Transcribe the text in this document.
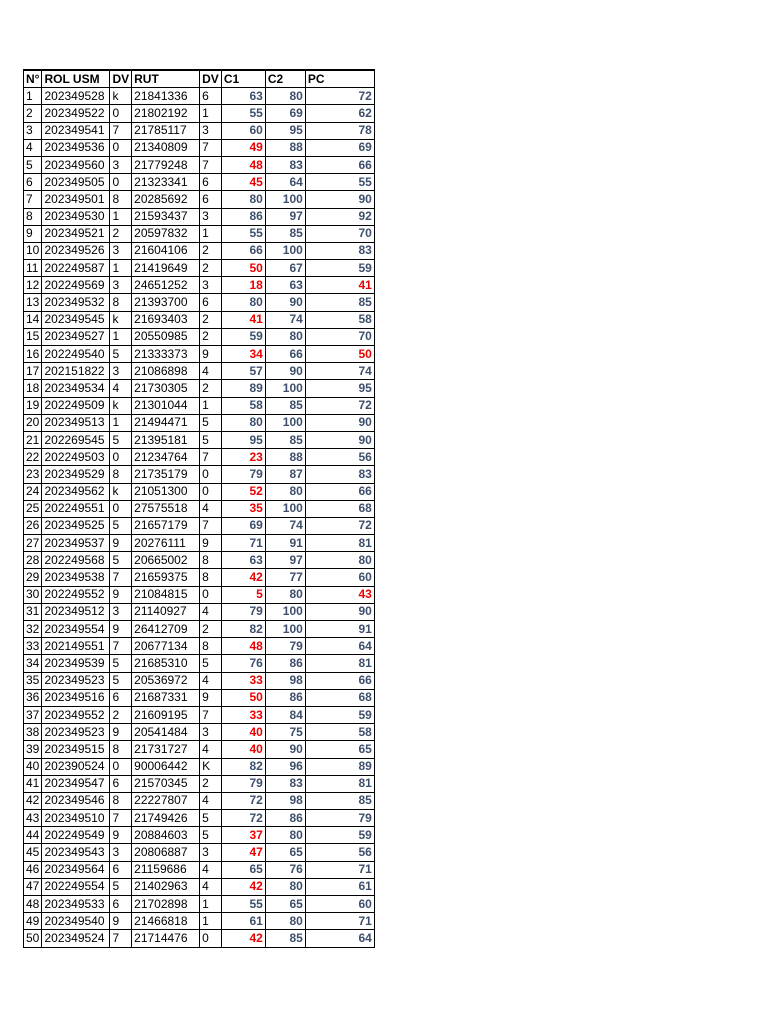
N°	ROL USM	DV	RUT	DV	C1	C2	PC
1	202349528	k	21841336	6	63	80	72
2	202349522	0	21802192	1	55	69	62
3	202349541	7	21785117	3	60	95	78
4	202349536	0	21340809	7	49	88	69
5	202349560	3	21779248	7	48	83	66
6	202349505	0	21323341	6	45	64	55
7	202349501	8	20285692	6	80	100	90
8	202349530	1	21593437	3	86	97	92
9	202349521	2	20597832	1	55	85	70
10	202349526	3	21604106	2	66	100	83
11	202249587	1	21419649	2	50	67	59
12	202249569	3	24651252	3	18	63	41
13	202349532	8	21393700	6	80	90	85
14	202349545	k	21693403	2	41	74	58
15	202349527	1	20550985	2	59	80	70
16	202249540	5	21333373	9	34	66	50
17	202151822	3	21086898	4	57	90	74
18	202349534	4	21730305	2	89	100	95
19	202249509	k	21301044	1	58	85	72
20	202349513	1	21494471	5	80	100	90
21	202269545	5	21395181	5	95	85	90
22	202249503	0	21234764	7	23	88	56
23	202349529	8	21735179	0	79	87	83
24	202349562	k	21051300	0	52	80	66
25	202249551	0	27575518	4	35	100	68
26	202349525	5	21657179	7	69	74	72
27	202349537	9	20276111	9	71	91	81
28	202249568	5	20665002	8	63	97	80
29	202349538	7	21659375	8	42	77	60
30	202249552	9	21084815	0	5	80	43
31	202349512	3	21140927	4	79	100	90
32	202349554	9	26412709	2	82	100	91
33	202149551	7	20677134	8	48	79	64
34	202349539	5	21685310	5	76	86	81
35	202349523	5	20536972	4	33	98	66
36	202349516	6	21687331	9	50	86	68
37	202349552	2	21609195	7	33	84	59
38	202349523	9	20541484	3	40	75	58
39	202349515	8	21731727	4	40	90	65
40	202390524	0	90006442	K	82	96	89
41	202349547	6	21570345	2	79	83	81
42	202349546	8	22227807	4	72	98	85
43	202349510	7	21749426	5	72	86	79
44	202249549	9	20884603	5	37	80	59
45	202349543	3	20806887	3	47	65	56
46	202349564	6	21159686	4	65	76	71
47	202249554	5	21402963	4	42	80	61
48	202349533	6	21702898	1	55	65	60
49	202349540	9	21466818	1	61	80	71
50	202349524	7	21714476	0	42	85	64
